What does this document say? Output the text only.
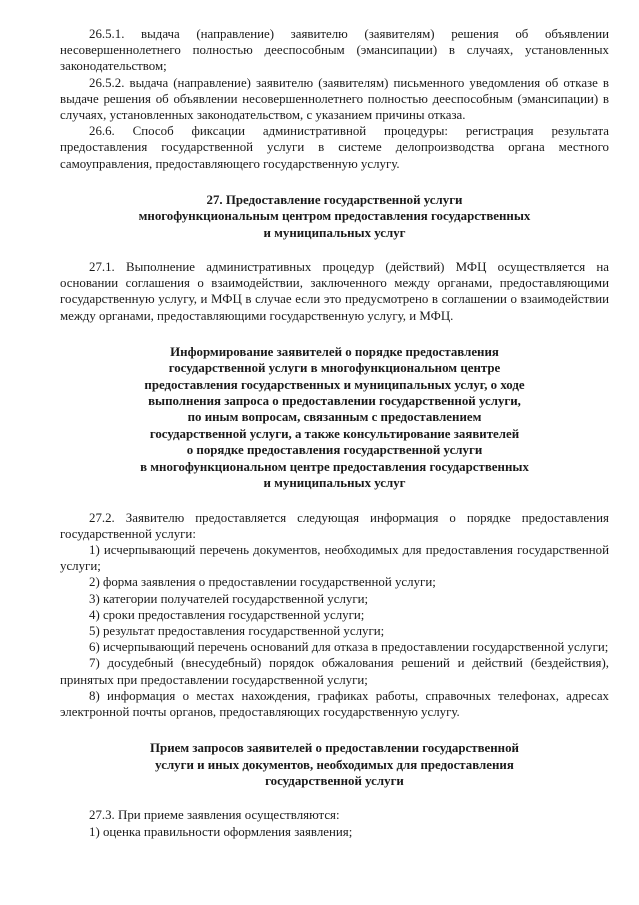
26.5.1. выдача (направление) заявителю (заявителям) решения об объявлении несовершеннолетнего полностью дееспособным (эмансипации) в случаях, установленных законодательством;

26.5.2. выдача (направление) заявителю (заявителям) письменного уведомления об отказе в выдаче решения об объявлении несовершеннолетнего полностью дееспособным (эмансипации) в случаях, установленных законодательством, с указанием причины отказа.

26.6. Способ фиксации административной процедуры: регистрация результата предоставления государственной услуги в системе делопроизводства органа местного самоуправления, предоставляющего государственную услугу.

27. Предоставление государственной услуги
многофункциональным центром предоставления государственных
и муниципальных услуг

27.1. Выполнение административных процедур (действий) МФЦ осуществляется на основании соглашения о взаимодействии, заключенного между органами, предоставляющими государственную услугу, и МФЦ в случае если это предусмотрено в соглашении о взаимодействии между органами, предоставляющими государственную услугу, и МФЦ.

Информирование заявителей о порядке предоставления
государственной услуги в многофункциональном центре
предоставления государственных и муниципальных услуг, о ходе
выполнения запроса о предоставлении государственной услуги,
по иным вопросам, связанным с предоставлением
государственной услуги, а также консультирование заявителей
о порядке предоставления государственной услуги
в многофункциональном центре предоставления государственных
и муниципальных услуг

27.2. Заявителю предоставляется следующая информация о порядке предоставления государственной услуги:

1) исчерпывающий перечень документов, необходимых для предоставления государственной услуги;

2) форма заявления о предоставлении государственной услуги;

3) категории получателей государственной услуги;

4) сроки предоставления государственной услуги;

5) результат предоставления государственной услуги;

6) исчерпывающий перечень оснований для отказа в предоставлении государственной услуги;

7) досудебный (внесудебный) порядок обжалования решений и действий (бездействия), принятых при предоставлении государственной услуги;

8) информация о местах нахождения, графиках работы, справочных телефонах, адресах электронной почты органов, предоставляющих государственную услугу.

Прием запросов заявителей о предоставлении государственной
услуги и иных документов, необходимых для предоставления
государственной услуги

27.3. При приеме заявления осуществляются:

1) оценка правильности оформления заявления;
